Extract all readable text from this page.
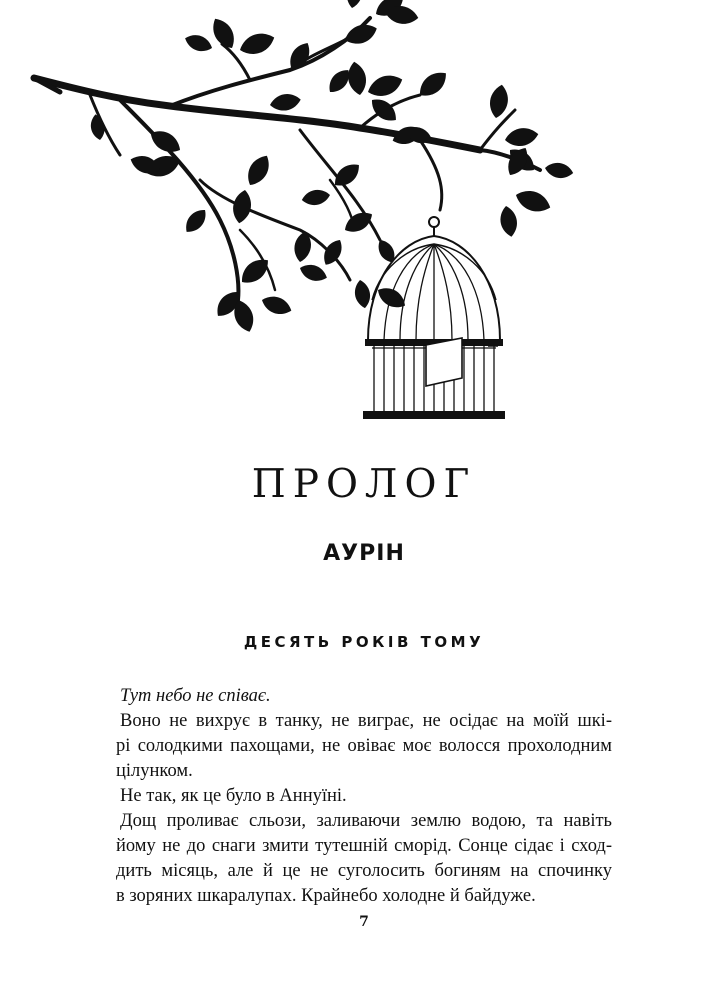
ПРОЛОГ
АУРІН
ДЕСЯТЬ РОКІВ ТОМУ
Тут небо не співає.
Воно не вихрує в танку, не виграє, не осідає на моїй шкі-
рі солодкими пахощами, не овіває моє волосся прохолодним
цілунком.
Не так, як це було в Аннуїні.
Дощ проливає сльози, заливаючи землю водою, та навіть
йому не до снаги змити тутешній сморід. Сонце сідає і сход-
дить місяць, але й це не суголосить богиням на спочинку
в зоряних шкаралупах. Крайнебо холодне й байдуже.
7
